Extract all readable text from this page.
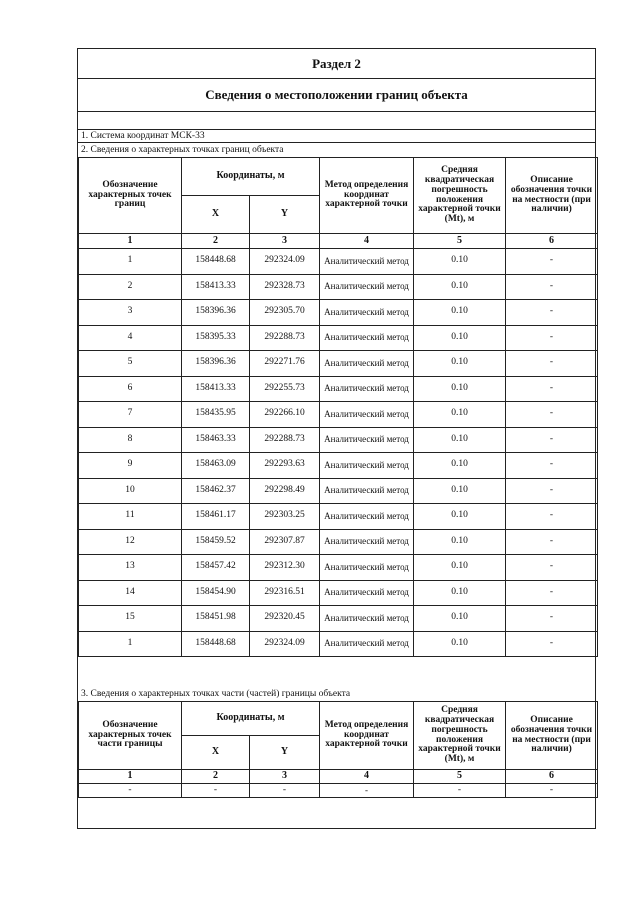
Раздел 2
Сведения о местоположении границ объекта
1. Система координат МСК-33
2. Сведения о характерных точках границ объекта
Обозначение характерных точек границ	Координаты, м		Метод определения координат характерной точки	Средняя квадратическая погрешность положения характерной точки (Mt), м	Описание обозначения точки на местности (при наличии)
	X	Y			
1	2	3	4	5	6
1	158448.68	292324.09	Аналитический метод	0.10	-
2	158413.33	292328.73	Аналитический метод	0.10	-
3	158396.36	292305.70	Аналитический метод	0.10	-
4	158395.33	292288.73	Аналитический метод	0.10	-
5	158396.36	292271.76	Аналитический метод	0.10	-
6	158413.33	292255.73	Аналитический метод	0.10	-
7	158435.95	292266.10	Аналитический метод	0.10	-
8	158463.33	292288.73	Аналитический метод	0.10	-
9	158463.09	292293.63	Аналитический метод	0.10	-
10	158462.37	292298.49	Аналитический метод	0.10	-
11	158461.17	292303.25	Аналитический метод	0.10	-
12	158459.52	292307.87	Аналитический метод	0.10	-
13	158457.42	292312.30	Аналитический метод	0.10	-
14	158454.90	292316.51	Аналитический метод	0.10	-
15	158451.98	292320.45	Аналитический метод	0.10	-
1	158448.68	292324.09	Аналитический метод	0.10	-
3. Сведения о характерных точках части (частей) границы объекта
Обозначение характерных точек части границы	Координаты, м		Метод определения координат характерной точки	Средняя квадратическая погрешность положения характерной точки (Mt), м	Описание обозначения точки на местности (при наличии)
	X	Y			
1	2	3	4	5	6
-	-	-	-	-	-
